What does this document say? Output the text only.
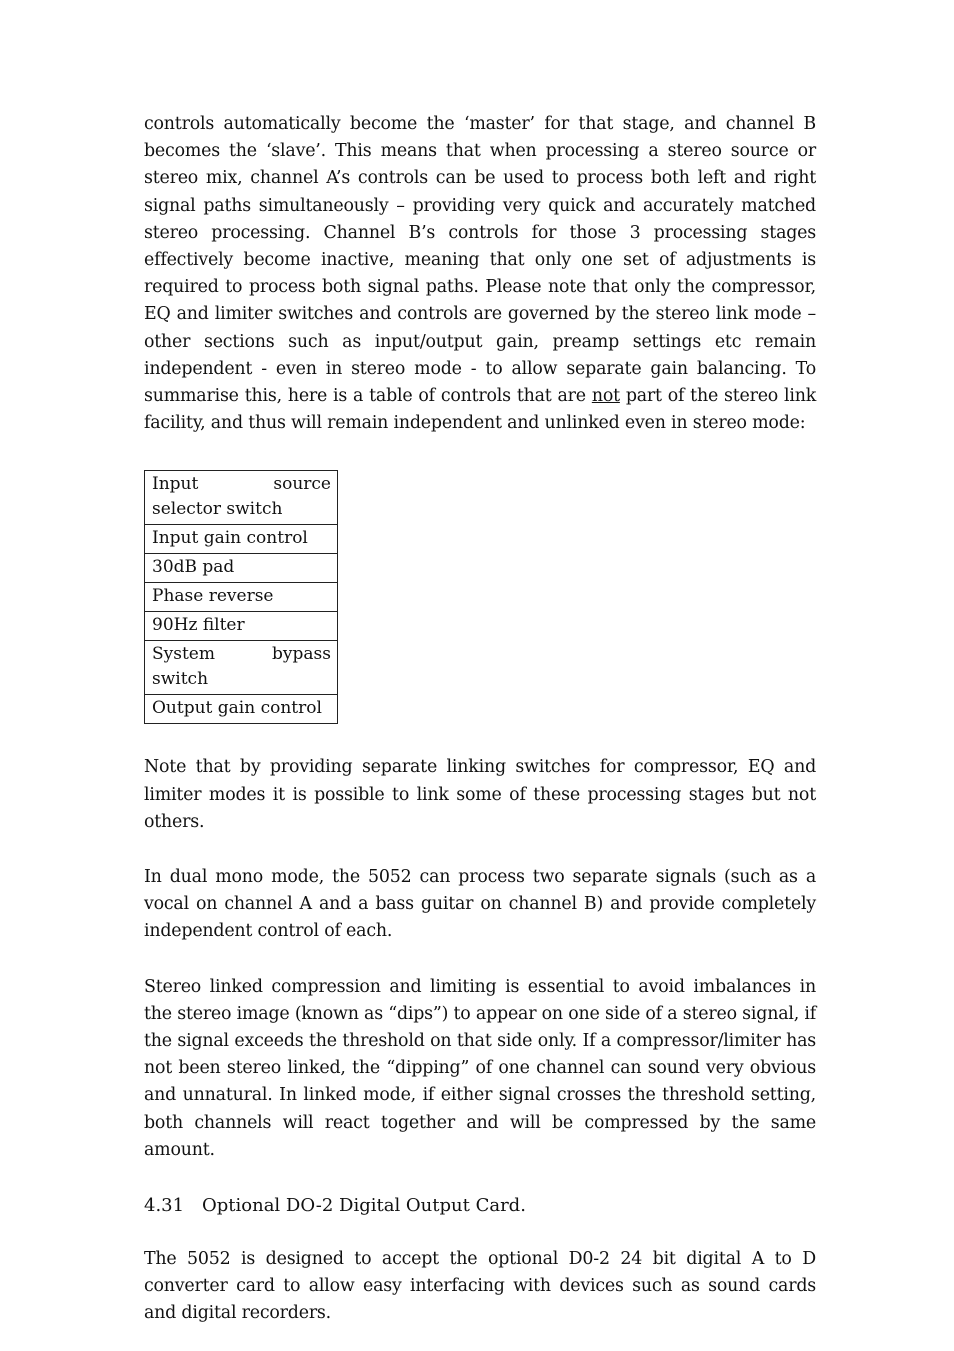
controls automatically become the ‘master’ for that stage, and channel B becomes the ‘slave’. This means that when processing a stereo source or stereo mix, channel A’s controls can be used to process both left and right signal paths simultaneously – providing very quick and accurately matched stereo processing. Channel B’s controls for those 3 processing stages effectively become inactive, meaning that only one set of adjustments is required to process both signal paths. Please note that only the compressor, EQ and limiter switches and controls are governed by the stereo link mode – other sections such as input/output gain, preamp settings etc remain independent - even in stereo mode - to allow separate gain balancing. To summarise this, here is a table of controls that are not part of the stereo link facility, and thus will remain independent and unlinked even in stereo mode:

Input source selector switch
Input gain control
30dB pad
Phase reverse
90Hz filter
System bypass switch
Output gain control

Note that by providing separate linking switches for compressor, EQ and limiter modes it is possible to link some of these processing stages but not others.

In dual mono mode, the 5052 can process two separate signals (such as a vocal on channel A and a bass guitar on channel B) and provide completely independent control of each.

Stereo linked compression and limiting is essential to avoid imbalances in the stereo image (known as “dips”) to appear on one side of a stereo signal, if the signal exceeds the threshold on that side only. If a compressor/limiter has not been stereo linked, the “dipping” of one channel can sound very obvious and unnatural. In linked mode, if either signal crosses the threshold setting, both channels will react together and will be compressed by the same amount.

4.31 Optional DO-2 Digital Output Card.

The 5052 is designed to accept the optional D0-2 24 bit digital A to D converter card to allow easy interfacing with devices such as sound cards and digital recorders.
